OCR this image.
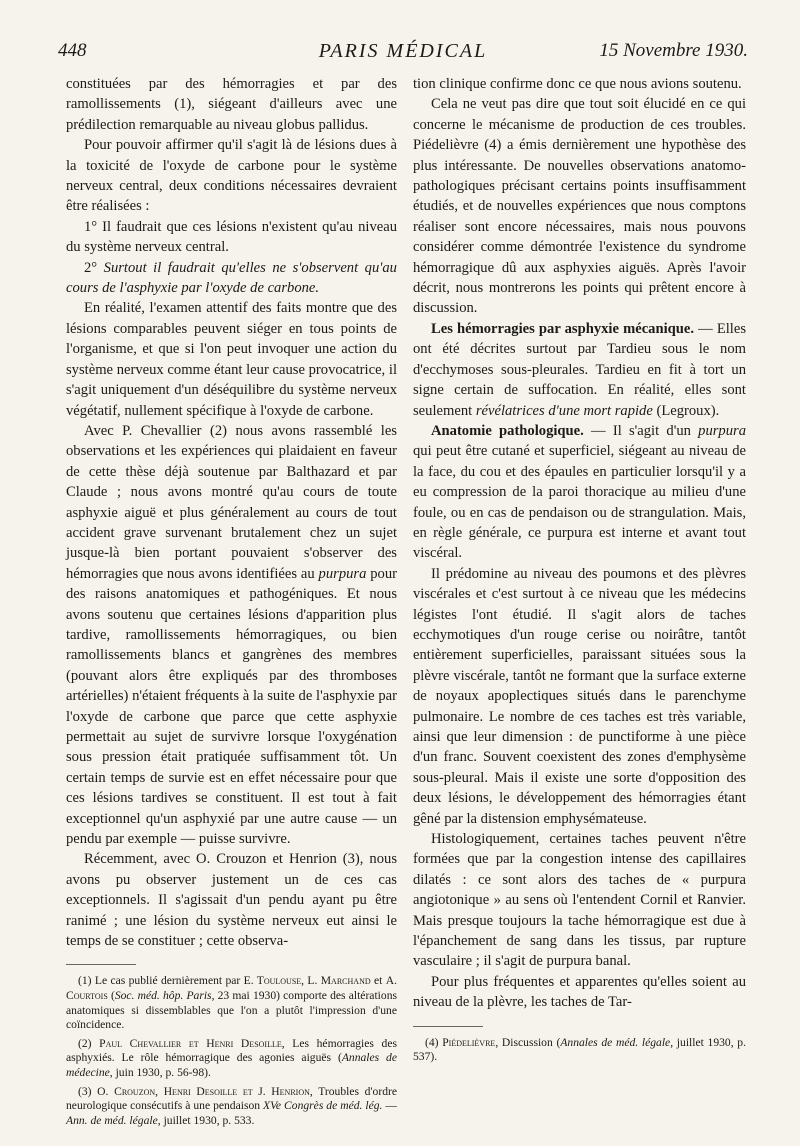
448	PARIS MÉDICAL	15 Novembre 1930.

constituées par des hémorragies et par des ramollissements (1), siégeant d'ailleurs avec une prédilection remarquable au niveau globus pallidus.

Pour pouvoir affirmer qu'il s'agit là de lésions dues à la toxicité de l'oxyde de carbone pour le système nerveux central, deux conditions nécessaires devraient être réalisées :

1° Il faudrait que ces lésions n'existent qu'au niveau du système nerveux central.

2° Surtout il faudrait qu'elles ne s'observent qu'au cours de l'asphyxie par l'oxyde de carbone.

En réalité, l'examen attentif des faits montre que des lésions comparables peuvent siéger en tous points de l'organisme, et que si l'on peut invoquer une action du système nerveux comme étant leur cause provocatrice, il s'agit uniquement d'un déséquilibre du système nerveux végétatif, nullement spécifique à l'oxyde de carbone.

Avec P. Chevallier (2) nous avons rassemblé les observations et les expériences qui plaidaient en faveur de cette thèse déjà soutenue par Balthazard et par Claude ; nous avons montré qu'au cours de toute asphyxie aiguë et plus généralement au cours de tout accident grave survenant brutalement chez un sujet jusque-là bien portant pouvaient s'observer des hémorragies que nous avons identifiées au purpura pour des raisons anatomiques et pathogéniques. Et nous avons soutenu que certaines lésions d'apparition plus tardive, ramollissements hémorragiques, ou bien ramollissements blancs et gangrènes des membres (pouvant alors être expliqués par des thromboses artérielles) n'étaient fréquents à la suite de l'asphyxie par l'oxyde de carbone que parce que cette asphyxie permettait au sujet de survivre lorsque l'oxygénation sous pression était pratiquée suffisamment tôt. Un certain temps de survie est en effet nécessaire pour que ces lésions tardives se constituent. Il est tout à fait exceptionnel qu'un asphyxié par une autre cause — un pendu par exemple — puisse survivre.

Récemment, avec O. Crouzon et Henrion (3), nous avons pu observer justement un de ces cas exceptionnels. Il s'agissait d'un pendu ayant pu être ranimé ; une lésion du système nerveux eut ainsi le temps de se constituer ; cette observa-

(1) Le cas publié dernièrement par E. Toulouse, L. Marchand et A. Courtois (Soc. méd. hôp. Paris, 23 mai 1930) comporte des altérations anatomiques si dissemblables que l'on a plutôt l'impression d'une coïncidence.

(2) Paul Chevallier et Henri Desoille, Les hémorragies des asphyxiés. Le rôle hémorragique des agonies aiguës (Annales de médecine, juin 1930, p. 56-98).

(3) O. Crouzon, Henri Desoille et J. Henrion, Troubles d'ordre neurologique consécutifs à une pendaison XVe Congrès de méd. lég. — Ann. de méd. légale, juillet 1930, p. 533.

tion clinique confirme donc ce que nous avions soutenu.

Cela ne veut pas dire que tout soit élucidé en ce qui concerne le mécanisme de production de ces troubles. Piédelièvre (4) a émis dernièrement une hypothèse des plus intéressante. De nouvelles observations anatomo-pathologiques précisant certains points insuffisamment étudiés, et de nouvelles expériences que nous comptons réaliser sont encore nécessaires, mais nous pouvons considérer comme démontrée l'existence du syndrome hémorragique dû aux asphyxies aiguës. Après l'avoir décrit, nous montrerons les points qui prêtent encore à discussion.

Les hémorragies par asphyxie mécanique. — Elles ont été décrites surtout par Tardieu sous le nom d'ecchymoses sous-pleurales. Tardieu en fit à tort un signe certain de suffocation. En réalité, elles sont seulement révélatrices d'une mort rapide (Legroux).

Anatomie pathologique. — Il s'agit d'un purpura qui peut être cutané et superficiel, siégeant au niveau de la face, du cou et des épaules en particulier lorsqu'il y a eu compression de la paroi thoracique au milieu d'une foule, ou en cas de pendaison ou de strangulation. Mais, en règle générale, ce purpura est interne et avant tout viscéral.

Il prédomine au niveau des poumons et des plèvres viscérales et c'est surtout à ce niveau que les médecins légistes l'ont étudié. Il s'agit alors de taches ecchymotiques d'un rouge cerise ou noirâtre, tantôt entièrement superficielles, paraissant situées sous la plèvre viscérale, tantôt ne formant que la surface externe de noyaux apoplectiques situés dans le parenchyme pulmonaire. Le nombre de ces taches est très variable, ainsi que leur dimension : de punctiforme à une pièce d'un franc. Souvent coexistent des zones d'emphysème sous-pleural. Mais il existe une sorte d'opposition des deux lésions, le développement des hémorragies étant gêné par la distension emphysémateuse.

Histologiquement, certaines taches peuvent n'être formées que par la congestion intense des capillaires dilatés : ce sont alors des taches de « purpura angiotonique » au sens où l'entendent Cornil et Ranvier. Mais presque toujours la tache hémorragique est due à l'épanchement de sang dans les tissus, par rupture vasculaire ; il s'agit de purpura banal.

Pour plus fréquentes et apparentes qu'elles soient au niveau de la plèvre, les taches de Tar-

(4) Piédelièvre, Discussion (Annales de méd. légale, juillet 1930, p. 537).
